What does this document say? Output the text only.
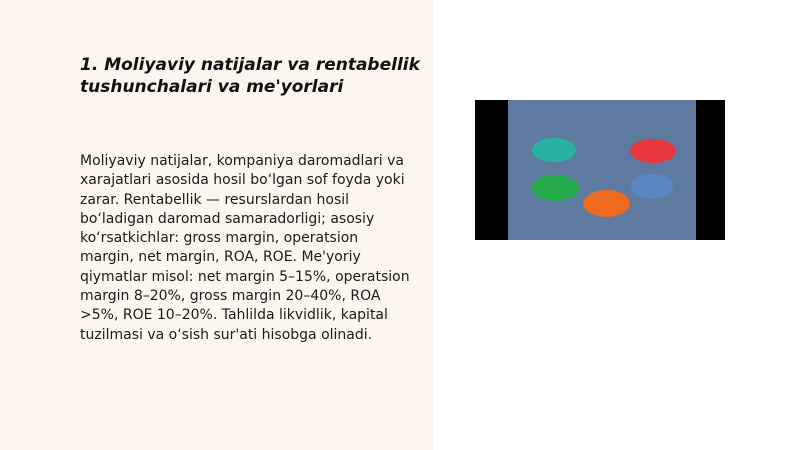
1. Moliyaviy natijalar va rentabellik tushunchalari va me'yorlari

Moliyaviy natijalar, kompaniya daromadlari va xarajatlari asosida hosil bo‘lgan sof foyda yoki zarar. Rentabellik — resurslardan hosil bo‘ladigan daromad samaradorligi; asosiy ko‘rsatkichlar: gross margin, operatsion margin, net margin, ROA, ROE. Me'yoriy qiymatlar misol: net margin 5–15%, operatsion margin 8–20%, gross margin 20–40%, ROA >5%, ROE 10–20%. Tahlilda likvidlik, kapital tuzilmasi va o‘sish sur'ati hisobga olinadi.
